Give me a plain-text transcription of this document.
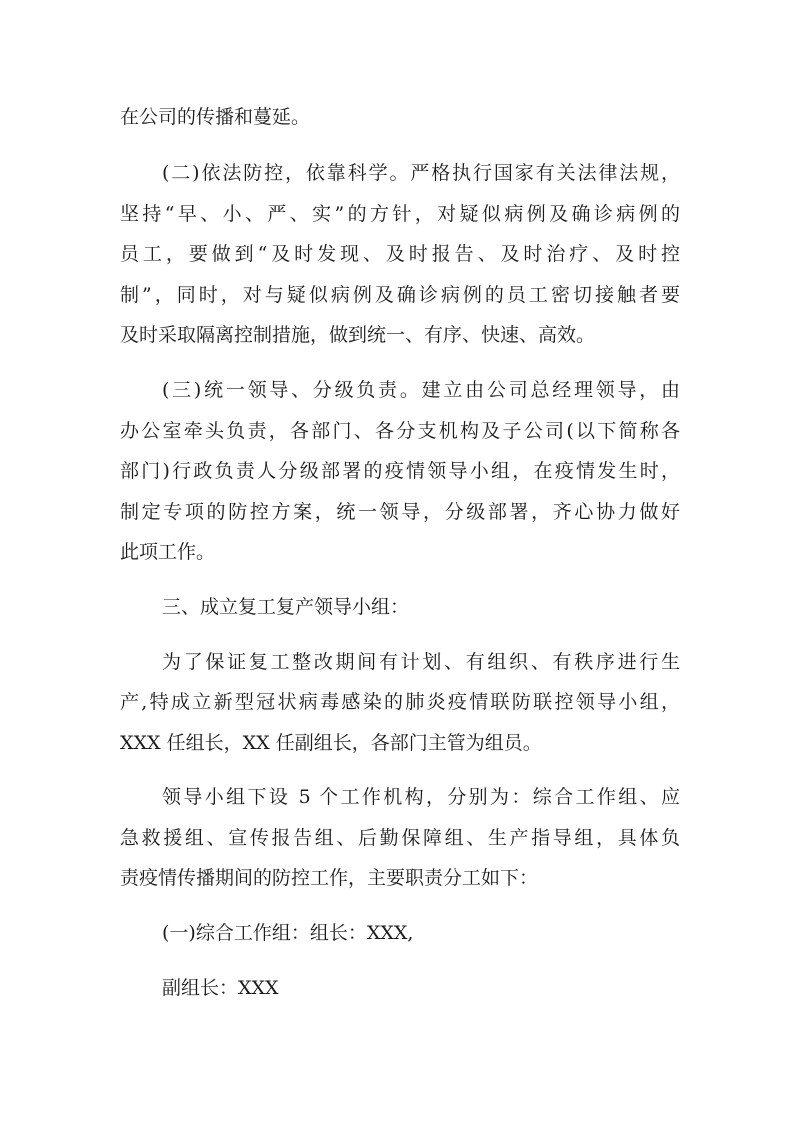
在公司的传播和蔓延。
(二)依法防控，依靠科学。严格执行国家有关法律法规，
坚持“早、小、严、实”的方针，对疑似病例及确诊病例的
员工，要做到“及时发现、及时报告、及时治疗、及时控
制”，同时，对与疑似病例及确诊病例的员工密切接触者要
及时采取隔离控制措施，做到统一、有序、快速、高效。
(三)统一领导、分级负责。建立由公司总经理领导，由
办公室牵头负责，各部门、各分支机构及子公司(以下简称各
部门)行政负责人分级部署的疫情领导小组，在疫情发生时，
制定专项的防控方案，统一领导，分级部署，齐心协力做好
此项工作。
三、成立复工复产领导小组：
为了保证复工整改期间有计划、有组织、有秩序进行生
产,特成立新型冠状病毒感染的肺炎疫情联防联控领导小组，
XXX 任组长，XX 任副组长，各部门主管为组员。
领导小组下设 5 个工作机构，分别为：综合工作组、应
急救援组、宣传报告组、后勤保障组、生产指导组，具体负
责疫情传播期间的防控工作，主要职责分工如下：
(一)综合工作组：组长：XXX,
副组长：XXX
